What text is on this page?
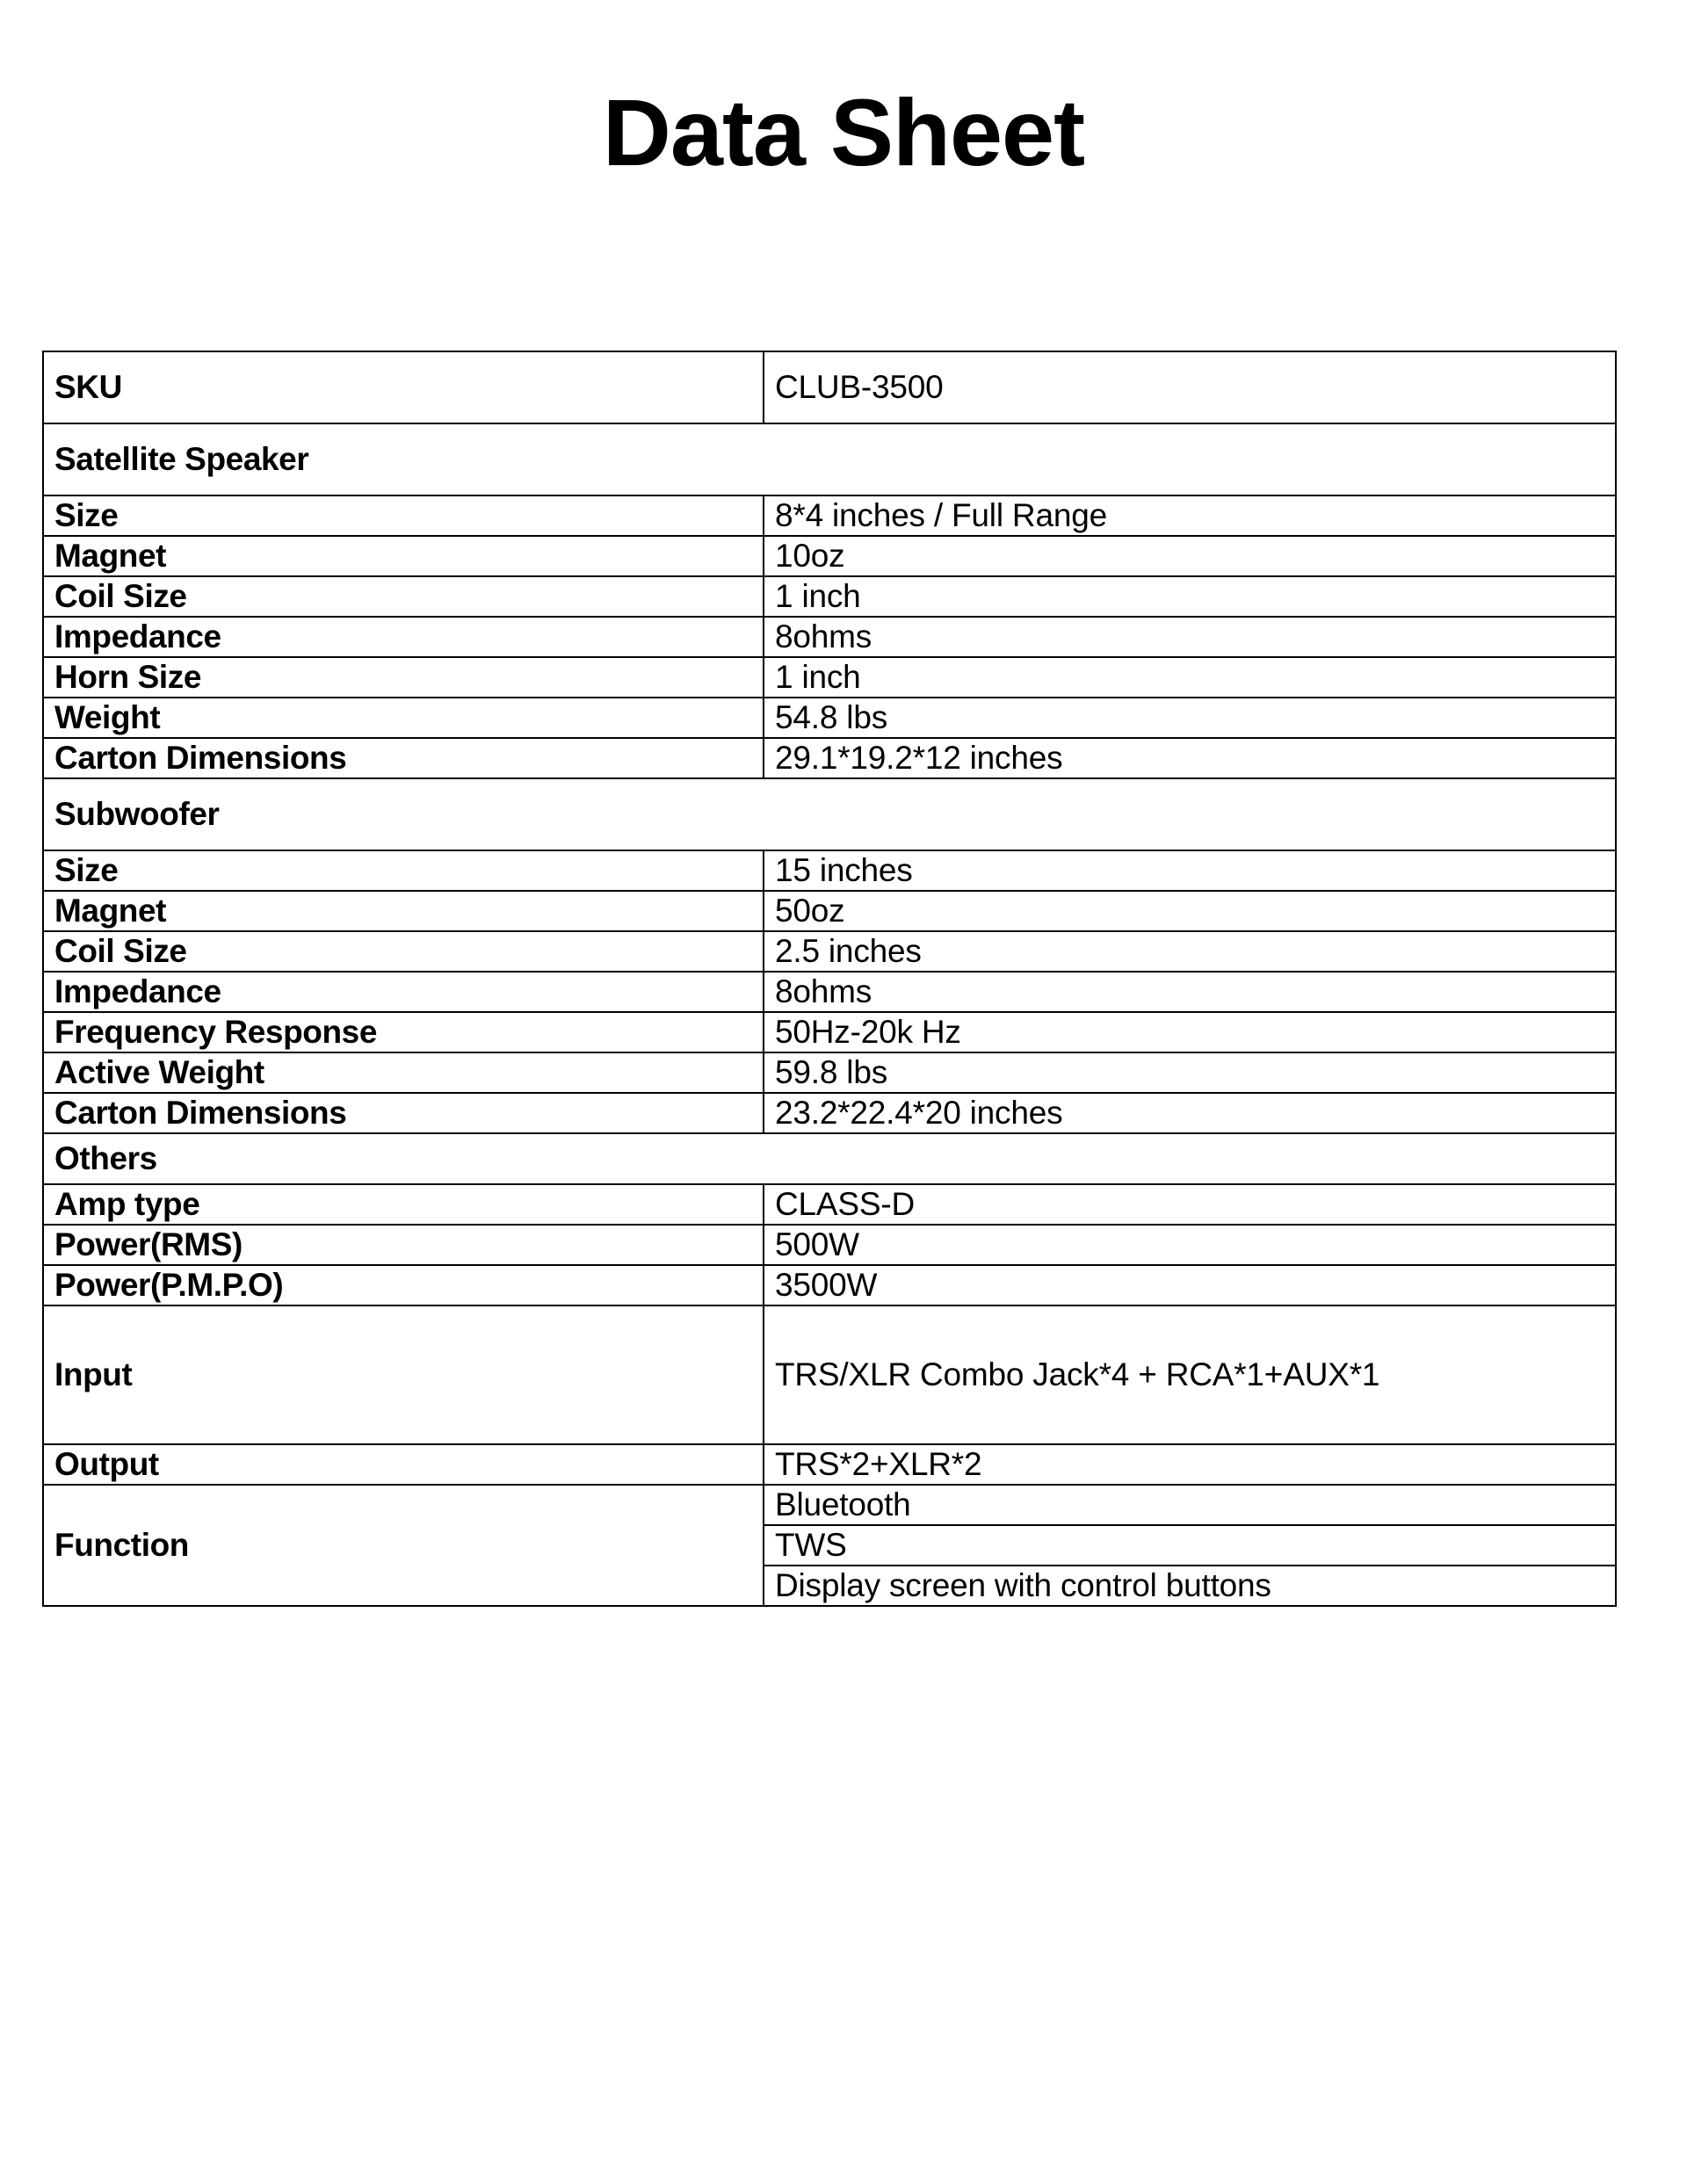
Data Sheet
SKU	CLUB-3500
Satellite Speaker	
Size	8*4 inches / Full Range
Magnet	10oz
Coil Size	1 inch
Impedance	8ohms
Horn Size	1 inch
Weight	54.8 lbs
Carton Dimensions	29.1*19.2*12 inches
Subwoofer	
Size	15 inches
Magnet	50oz
Coil Size	2.5 inches
Impedance	8ohms
Frequency Response	50Hz-20k Hz
Active Weight	59.8 lbs
Carton Dimensions	23.2*22.4*20 inches
Others	
Amp type	CLASS-D
Power(RMS)	500W
Power(P.M.P.O)	3500W
Input	TRS/XLR Combo Jack*4 + RCA*1+AUX*1
Output	TRS*2+XLR*2
Function	Bluetooth
	TWS
	Display screen with control buttons
